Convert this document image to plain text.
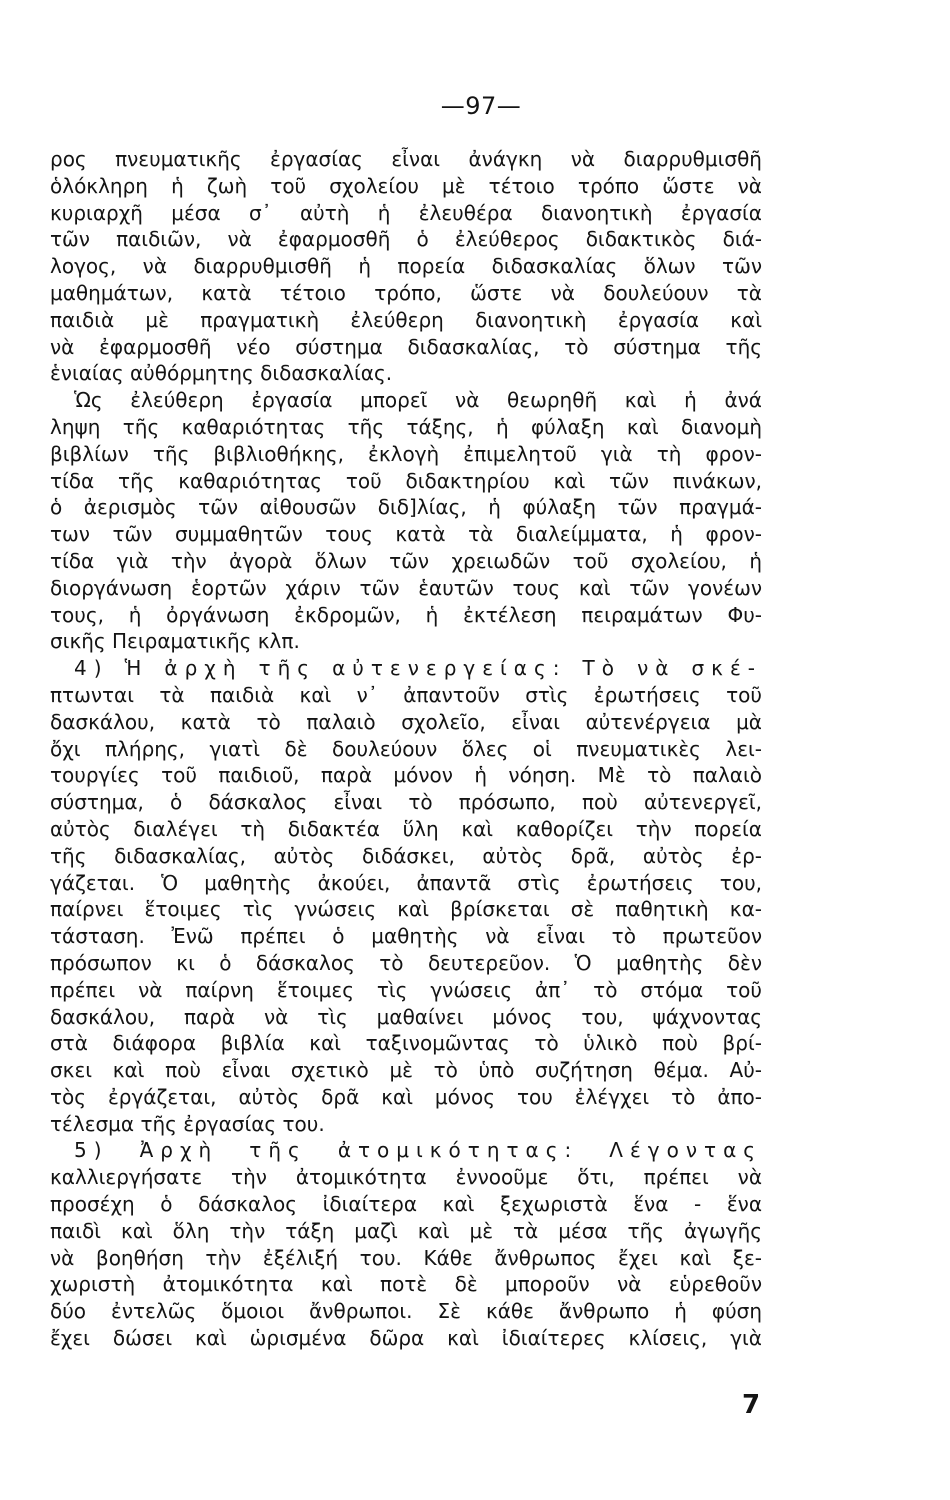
—97—
ρος πνευματικῆς ἐργασίας εἶναι ἀνάγκη νὰ διαρρυθμισθῆ
ὁλόκληρη ἡ ζωὴ τοῦ σχολείου μὲ τέτοιο τρόπο ὥστε νὰ
κυριαρχῆ μέσα σ᾽ αὐτὴ ἡ ἐλευθέρα διανοητικὴ ἐργασία
τῶν παιδιῶν, νὰ ἐφαρμοσθῆ ὁ ἐλεύθερος διδακτικὸς διά-
λογος, νὰ διαρρυθμισθῆ ἡ πορεία διδασκαλίας ὅλων τῶν
μαθημάτων, κατὰ τέτοιο τρόπο, ὥστε νὰ δουλεύουν τὰ
παιδιὰ μὲ πραγματικὴ ἐλεύθερη διανοητικὴ ἐργασία καὶ
νὰ ἐφαρμοσθῆ νέο σύστημα διδασκαλίας, τὸ σύστημα τῆς
ἑνιαίας αὐθόρμητης διδασκαλίας.
Ὡς ἐλεύθερη ἐργασία μπορεῖ νὰ θεωρηθῆ καὶ ἡ ἀνά
ληψη τῆς καθαριότητας τῆς τάξης, ἡ φύλαξη καὶ διανομὴ
βιβλίων τῆς βιβλιοθήκης, ἐκλογὴ ἐπιμελητοῦ γιὰ τὴ φρον-
τίδα τῆς καθαριότητας τοῦ διδακτηρίου καὶ τῶν πινάκων,
ὁ ἀερισμὸς τῶν αἰθουσῶν διδ]λίας, ἡ φύλαξη τῶν πραγμά-
των τῶν συμμαθητῶν τους κατὰ τὰ διαλείμματα, ἡ φρον-
τίδα γιὰ τὴν ἀγορὰ ὅλων τῶν χρειωδῶν τοῦ σχολείου, ἡ
διοργάνωση ἑορτῶν χάριν τῶν ἑαυτῶν τους καὶ τῶν γονέων
τους, ἡ ὀργάνωση ἐκδρομῶν, ἡ ἐκτέλεση πειραμάτων Φυ-
σικῆς Πειραματικῆς κλπ.
4) Ἡ ἀρχὴ τῆς αὐτενεργείας: Τὸ νὰ σκέ-
πτωνται τὰ παιδιὰ καὶ ν᾽ ἀπαντοῦν στὶς ἐρωτήσεις τοῦ
δασκάλου, κατὰ τὸ παλαιὸ σχολεῖο, εἶναι αὐτενέργεια μὰ
ὄχι πλήρης, γιατὶ δὲ δουλεύουν ὅλες οἱ πνευματικὲς λει-
τουργίες τοῦ παιδιοῦ, παρὰ μόνον ἡ νόηση. Μὲ τὸ παλαιὸ
σύστημα, ὁ δάσκαλος εἶναι τὸ πρόσωπο, ποὺ αὐτενεργεῖ,
αὐτὸς διαλέγει τὴ διδακτέα ὕλη καὶ καθορίζει τὴν πορεία
τῆς διδασκαλίας, αὐτὸς διδάσκει, αὐτὸς δρᾶ, αὐτὸς ἐρ-
γάζεται. Ὁ μαθητὴς ἀκούει, ἀπαντᾶ στὶς ἐρωτήσεις του,
παίρνει ἕτοιμες τὶς γνώσεις καὶ βρίσκεται σὲ παθητικὴ κα-
τάσταση. Ἐνῶ πρέπει ὁ μαθητὴς νὰ εἶναι τὸ πρωτεῦον
πρόσωπον κι ὁ δάσκαλος τὸ δευτερεῦον. Ὁ μαθητὴς δὲν
πρέπει νὰ παίρνη ἕτοιμες τὶς γνώσεις ἀπ᾽ τὸ στόμα τοῦ
δασκάλου, παρὰ νὰ τὶς μαθαίνει μόνος του, ψάχνοντας
στὰ διάφορα βιβλία καὶ ταξινομῶντας τὸ ὑλικὸ ποὺ βρί-
σκει καὶ ποὺ εἶναι σχετικὸ μὲ τὸ ὑπὸ συζήτηση θέμα. Αὐ-
τὸς ἐργάζεται, αὐτὸς δρᾶ καὶ μόνος του ἐλέγχει τὸ ἀπο-
τέλεσμα τῆς ἐργασίας του.
5) Ἀρχὴ τῆς ἀτομικότητας: Λέγοντας
καλλιεργήσατε τὴν ἀτομικότητα ἐννοοῦμε ὅτι, πρέπει νὰ
προσέχη ὁ δάσκαλος ἰδιαίτερα καὶ ξεχωριστὰ ἕνα - ἕνα
παιδὶ καὶ ὅλη τὴν τάξη μαζὶ καὶ μὲ τὰ μέσα τῆς ἀγωγῆς
νὰ βοηθήση τὴν ἐξέλιξή του. Κάθε ἄνθρωπος ἔχει καὶ ξε-
χωριστὴ ἀτομικότητα καὶ ποτὲ δὲ μποροῦν νὰ εὑρεθοῦν
δύο ἐντελῶς ὅμοιοι ἄνθρωποι. Σὲ κάθε ἄνθρωπο ἡ φύση
ἔχει δώσει καὶ ὡρισμένα δῶρα καὶ ἰδιαίτερες κλίσεις, γιὰ
7
